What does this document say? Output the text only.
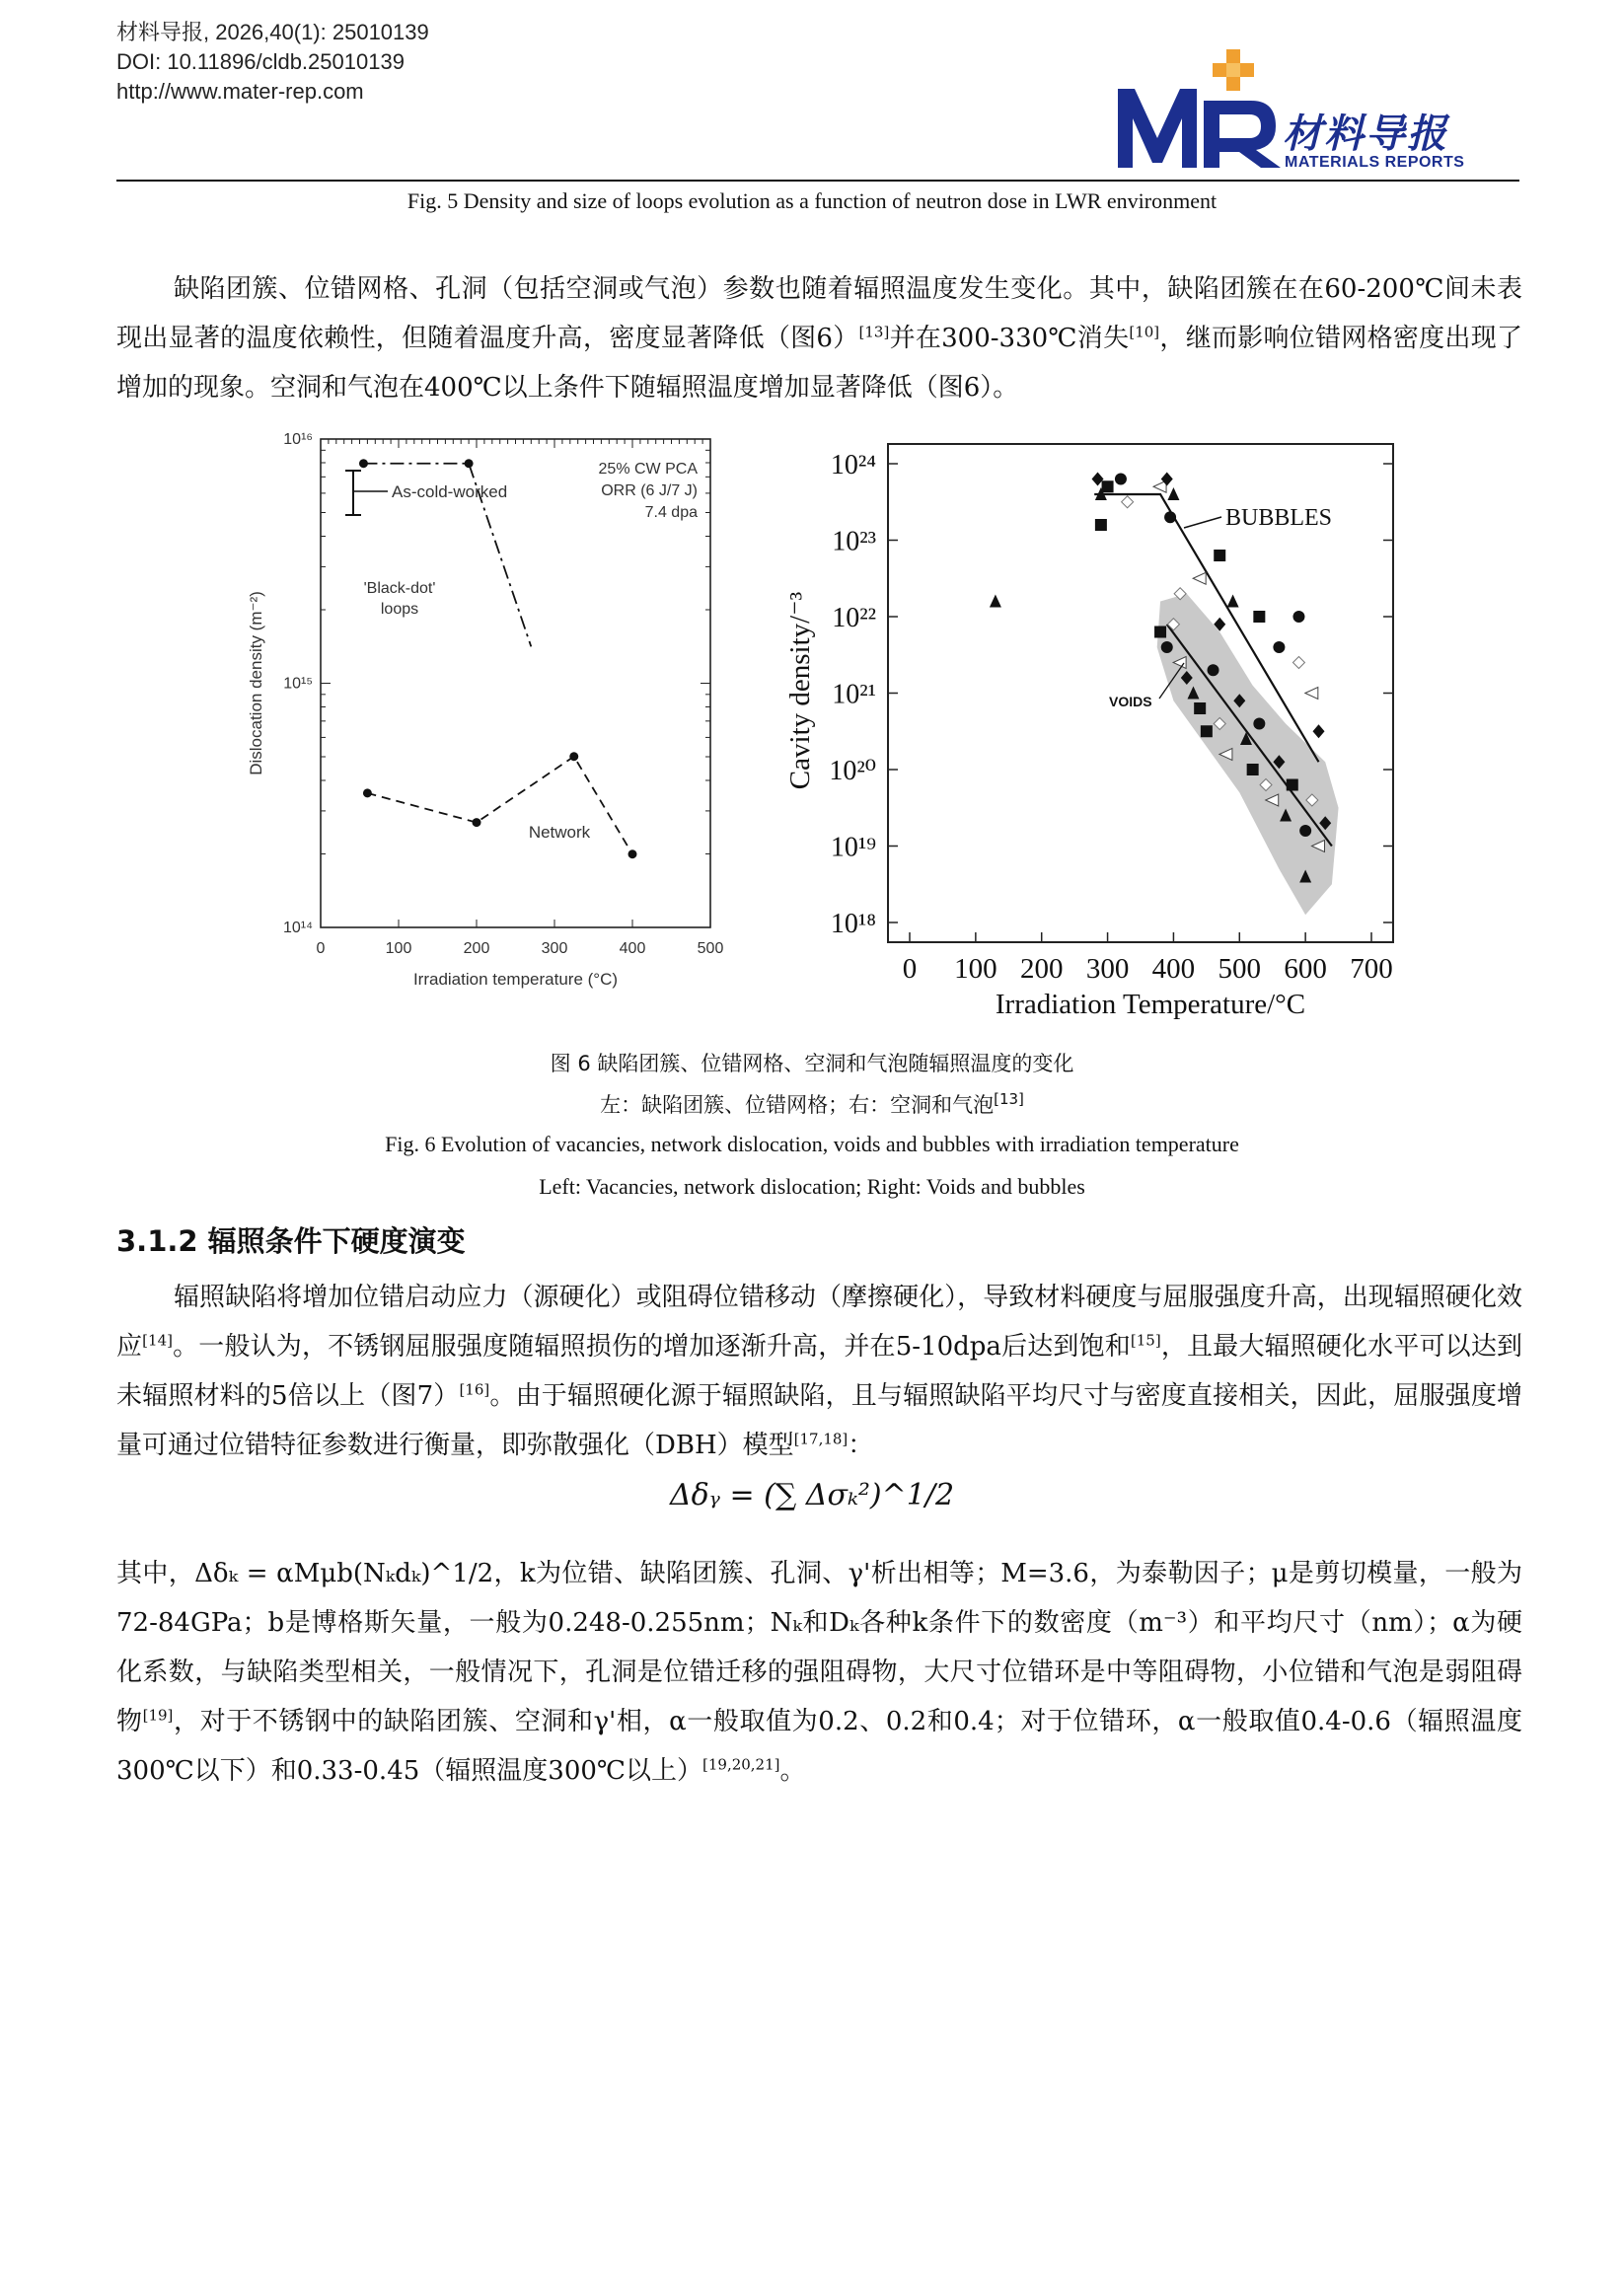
材料导报, 2026,40(1): 25010139
DOI: 10.11896/cldb.25010139
http://www.mater-rep.com
材料导报
MATERIALS REPORTS
Fig. 5 Density and size of loops evolution as a function of neutron dose in LWR environment

缺陷团簇、位错网格、孔洞（包括空洞或气泡）参数也随着辐照温度发生变化。其中，缺陷团簇在在60-200℃间未表现出显著的温度依赖性，但随着温度升高，密度显著降低（图6）[13]并在300-330℃消失[10]，继而影响位错网格密度出现了增加的现象。空洞和气泡在400℃以上条件下随辐照温度增加显著降低（图6）。

0	100	200	300	400	500
10¹⁴
10¹⁵
10¹⁶
Irradiation temperature (°C)
Dislocation density (m⁻²)
25% CW PCA
ORR (6 J/7 J)
7.4 dpa
As-cold-worked
'Black-dot'
loops
Network
0 100 200 300 400 500 600 700
10¹⁸
10¹⁹
10²⁰
10²¹
10²²
10²³
10²⁴
Irradiation Temperature/°C
Cavity density/⁻³
BUBBLES
VOIDS
图 6 缺陷团簇、位错网格、空洞和气泡随辐照温度的变化
左：缺陷团簇、位错网格；右：空洞和气泡[13]
Fig. 6 Evolution of vacancies, network dislocation, voids and bubbles with irradiation temperature
Left: Vacancies, network dislocation; Right: Voids and bubbles
3.1.2 辐照条件下硬度演变

辐照缺陷将增加位错启动应力（源硬化）或阻碍位错移动（摩擦硬化），导致材料硬度与屈服强度升高，出现辐照硬化效应[14]。一般认为，不锈钢屈服强度随辐照损伤的增加逐渐升高，并在5-10dpa后达到饱和[15]，且最大辐照硬化水平可以达到未辐照材料的5倍以上（图7）[16]。由于辐照硬化源于辐照缺陷，且与辐照缺陷平均尺寸与密度直接相关，因此，屈服强度增量可通过位错特征参数进行衡量，即弥散强化（DBH）模型[17,18]：

Δδᵧ = (∑ Δσₖ²)^1/2

其中，Δδₖ = αMμb(Nₖdₖ)^1/2，k为位错、缺陷团簇、孔洞、γ'析出相等；M=3.6，为泰勒因子；μ是剪切模量，一般为72-84GPa；b是博格斯矢量，一般为0.248-0.255nm；Nₖ和Dₖ各种k条件下的数密度（m⁻³）和平均尺寸（nm）；α为硬化系数，与缺陷类型相关，一般情况下，孔洞是位错迁移的强阻碍物，大尺寸位错环是中等阻碍物，小位错和气泡是弱阻碍物[19]，对于不锈钢中的缺陷团簇、空洞和γ'相，α一般取值为0.2、0.2和0.4；对于位错环，α一般取值0.4-0.6（辐照温度300℃以下）和0.33-0.45（辐照温度300℃以上）[19,20,21]。
